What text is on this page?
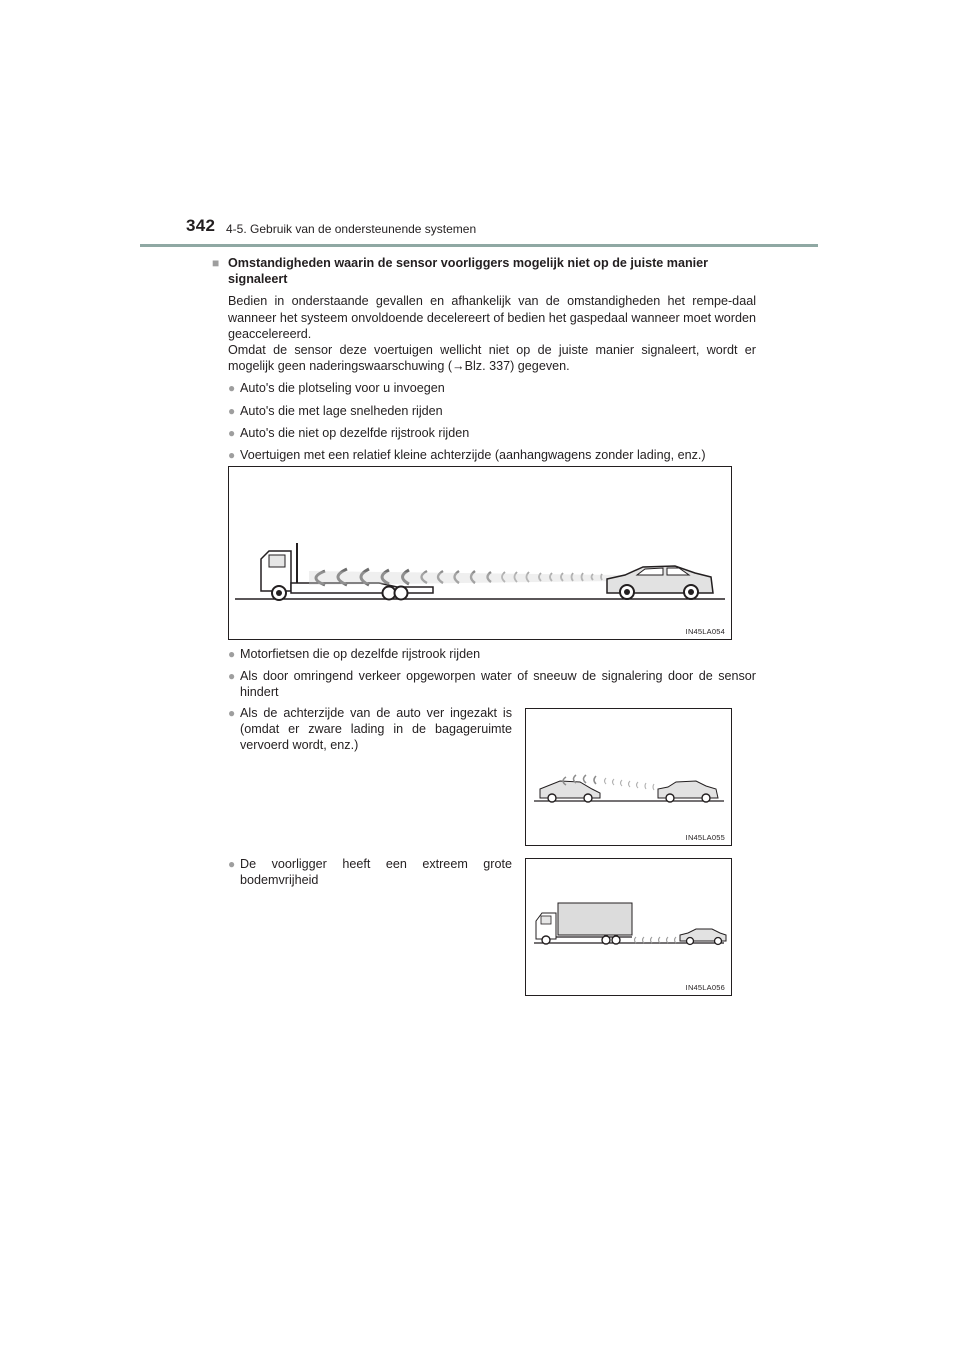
342 4-5. Gebruik van de ondersteunende systemen
■ Omstandigheden waarin de sensor voorliggers mogelijk niet op de juiste manier signaleert

Bedien in onderstaande gevallen en afhankelijk van de omstandigheden het rempe-daal wanneer het systeem onvoldoende decelereert of bedien het gaspedaal wanneer moet worden geaccelereerd.

Omdat de sensor deze voertuigen wellicht niet op de juiste manier signaleert, wordt er mogelijk geen naderingswaarschuwing (→Blz. 337) gegeven.

● Auto's die plotseling voor u invoegen
● Auto's die met lage snelheden rijden
● Auto's die niet op dezelfde rijstrook rijden
● Voertuigen met een relatief kleine achterzijde (aanhangwagens zonder lading, enz.)
IN45LA054
● Motorfietsen die op dezelfde rijstrook rijden
● Als door omringend verkeer opgeworpen water of sneeuw de signalering door de sensor hindert
● Als de achterzijde van de auto ver ingezakt is (omdat er zware lading in de bagageruimte vervoerd wordt, enz.)
IN45LA055
● De voorligger heeft een extreem grote bodemvrijheid
IN45LA056
